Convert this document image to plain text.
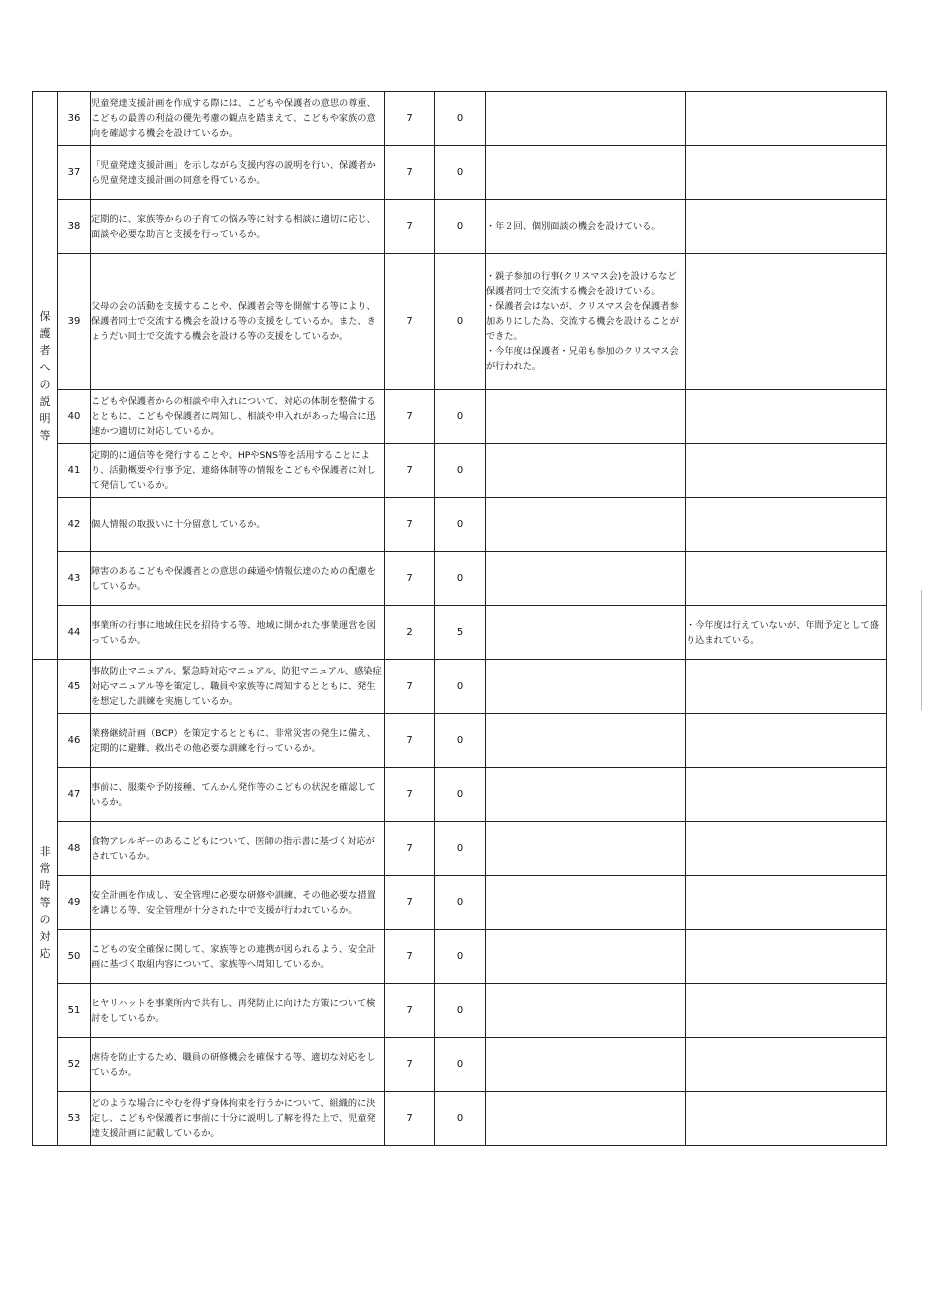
保護者への説明等	36	児童発達支援計画を作成する際には、こどもや保護者の意思の尊重、こどもの最善の利益の優先考慮の観点を踏まえて、こどもや家族の意向を確認する機会を設けているか。	7	0		
	37	「児童発達支援計画」を示しながら支援内容の説明を行い、保護者から児童発達支援計画の同意を得ているか。	7	0		
	38	定期的に、家族等からの子育ての悩み等に対する相談に適切に応じ、面談や必要な助言と支援を行っているか。	7	0	・年２回、個別面談の機会を設けている。	

	39	父母の会の活動を支援することや、保護者会等を開催する等により、保護者同士で交流する機会を設ける等の支援をしているか。また、きょうだい同士で交流する機会を設ける等の支援をしているか。	7	0	・親子参加の行事(クリスマス会)を設けるなど保護者同士で交流する機会を設けている。
・保護者会はないが、クリスマス会を保護者参加ありにした為、交流する機会を設けることができた。
・今年度は保護者・兄弟も参加のクリスマス会が行われた。	

	40	こどもや保護者からの相談や申入れについて、対応の体制を整備するとともに、こどもや保護者に周知し、相談や申入れがあった場合に迅速かつ適切に対応しているか。	7	0		
	41	定期的に通信等を発行することや、HPやSNS等を活用することにより、活動概要や行事予定、連絡体制等の情報をこどもや保護者に対して発信しているか。	7	0		
	42	個人情報の取扱いに十分留意しているか。	7	0		
	43	障害のあるこどもや保護者との意思の疎通や情報伝達のための配慮をしているか。	7	0		
	44	事業所の行事に地域住民を招待する等、地域に開かれた事業運営を図っているか。	2	5		・今年度は行えていないが、年間予定として盛り込まれている。

非常時等の対応	45	事故防止マニュアル、緊急時対応マニュアル、防犯マニュアル、感染症対応マニュアル等を策定し、職員や家族等に周知するとともに、発生を想定した訓練を実施しているか。	7	0		
	46	業務継続計画（BCP）を策定するとともに、非常災害の発生に備え、定期的に避難、救出その他必要な訓練を行っているか。	7	0		
	47	事前に、服薬や予防接種、てんかん発作等のこどもの状況を確認しているか。	7	0		
	48	食物アレルギーのあるこどもについて、医師の指示書に基づく対応がされているか。	7	0		
	49	安全計画を作成し、安全管理に必要な研修や訓練、その他必要な措置を講じる等、安全管理が十分された中で支援が行われているか。	7	0		
	50	こどもの安全確保に関して、家族等との連携が図られるよう、安全計画に基づく取組内容について、家族等へ周知しているか。	7	0		
	51	ヒヤリハットを事業所内で共有し、再発防止に向けた方策について検討をしているか。	7	0		
	52	虐待を防止するため、職員の研修機会を確保する等、適切な対応をしているか。	7	0		
	53	どのような場合にやむを得ず身体拘束を行うかについて、組織的に決定し、こどもや保護者に事前に十分に説明し了解を得た上で、児童発達支援計画に記載しているか。	7	0		
